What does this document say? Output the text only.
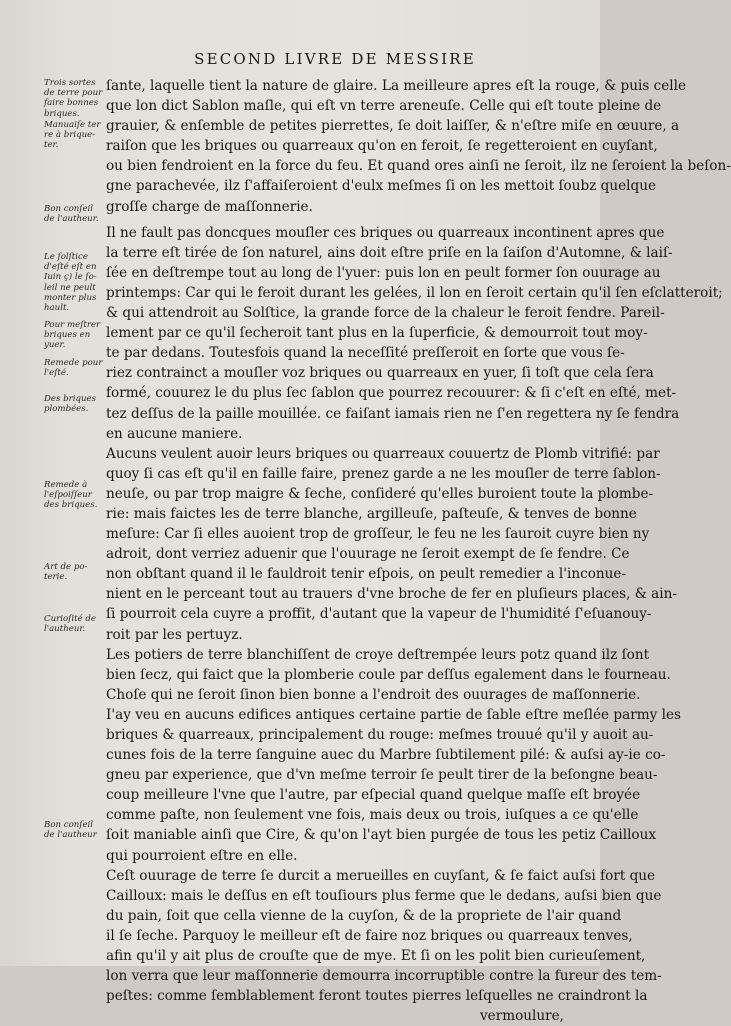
SECOND LIVRE DE MESSIRE
Trois sortes
de terre pour
faire bonnes
briques.
Manuaiſe ter
re à brique-
ter.
Bon conſeil
de l'autheur.
Le ſolſtice
d'eſté eſt en
Iuin ç) le ſo-
leil ne peult
monter plus
hault.
Pour meſtrer
briques en
yuer.
Remede pour
l'eſté.
Des briques
plombées.
Remede à
l'eſpoiſſeur
des briques.
Art de po-
terie.
Curioſité de
l'autheur.
Bon conſeil
de l'autheur
ſante, laquelle tient la nature de glaire. La meilleure apres eſt la rouge, & puis celle
que lon dict Sablon maſle, qui eſt vn terre areneuſe. Celle qui eſt toute pleine de
grauier, & enſemble de petites pierrettes, ſe doit laiſſer, & n'eſtre miſe en œuure, a
raiſon que les briques ou quarreaux qu'on en feroit, ſe regetteroient en cuyſant,
ou bien fendroient en la force du feu. Et quand ores ainſi ne ſeroit, ilz ne ſeroient la beſon-
gne parachevée, ilz ſ'affaiſeroient d'eulx meſmes ſi on les mettoit ſoubz quelque
groſſe charge de maſſonnerie.
Il ne fault pas doncques mouſler ces briques ou quarreaux incontinent apres que
la terre eſt tirée de ſon naturel, ains doit eſtre priſe en la ſaiſon d'Automne, & laiſ-
ſée en deſtrempe tout au long de l'yuer: puis lon en peult former ſon ouurage au
printemps: Car qui le feroit durant les gelées, il lon en ſeroit certain qu'il ſen eſclatteroit;
& qui attendroit au Solſtice, la grande force de la chaleur le feroit fendre. Pareil-
lement par ce qu'il ſecheroit tant plus en la ſuperficie, & demourroit tout moy-
te par dedans. Toutesfois quand la neceſſité preſſeroit en ſorte que vous ſe-
riez contrainct a mouſler voz briques ou quarreaux en yuer, ſi toſt que cela ſera
formé, couurez le du plus ſec ſablon que pourrez recouurer: & ſi c'eſt en eſté, met-
tez deſſus de la paille mouillée. ce faiſant iamais rien ne ſ'en regettera ny ſe fendra
en aucune maniere.
Aucuns veulent auoir leurs briques ou quarreaux couuertz de Plomb vitrifié: par
quoy ſi cas eſt qu'il en faille faire, prenez garde a ne les mouſler de terre ſablon-
neuſe, ou par trop maigre & ſeche, conſideré qu'elles buroient toute la plombe-
rie: mais faictes les de terre blanche, argilleuſe, paſteuſe, & tenves de bonne
meſure: Car ſi elles auoient trop de groſſeur, le feu ne les ſauroit cuyre bien ny
adroit, dont verriez aduenir que l'ouurage ne ſeroit exempt de ſe fendre. Ce
non obſtant quand il le fauldroit tenir eſpois, on peult remedier a l'inconue-
nient en le perceant tout au trauers d'vne broche de fer en pluſieurs places, & ain-
ſi pourroit cela cuyre a proffit, d'autant que la vapeur de l'humidité ſ'eſuanouy-
roit par les pertuyz.
Les potiers de terre blanchiſſent de croye deſtrempée leurs potz quand ilz ſont
bien ſecz, qui faict que la plomberie coule par deſſus egalement dans le fourneau.
Choſe qui ne ſeroit ſinon bien bonne a l'endroit des ouurages de maſſonnerie.
I'ay veu en aucuns edifices antiques certaine partie de ſable eſtre meſlée parmy les
briques & quarreaux, principalement du rouge: meſmes trouué qu'il y auoit au-
cunes fois de la terre ſanguine auec du Marbre ſubtilement pilé: & auſsi ay-ie co-
gneu par experience, que d'vn meſme terroir ſe peult tirer de la beſongne beau-
coup meilleure l'vne que l'autre, par eſpecial quand quelque maſſe eſt broyée
comme paſte, non ſeulement vne fois, mais deux ou trois, iuſques a ce qu'elle
ſoit maniable ainſi que Cire, & qu'on l'ayt bien purgée de tous les petiz Cailloux
qui pourroient eſtre en elle.
Ceſt ouurage de terre ſe durcit a merueilles en cuyſant, & ſe faict auſsi fort que
Cailloux: mais le deſſus en eſt touſiours plus ferme que le dedans, auſsi bien que
du pain, ſoit que cella vienne de la cuyſon, & de la propriete de l'air quand
il ſe ſeche. Parquoy le meilleur eſt de faire noz briques ou quarreaux tenves,
afin qu'il y ait plus de crouſte que de mye. Et ſi on les polit bien curieuſement,
lon verra que leur maſſonnerie demourra incorruptible contre la fureur des tem-
peſtes: comme ſemblablement feront toutes pierres leſquelles ne craindront la
vermoulure,
